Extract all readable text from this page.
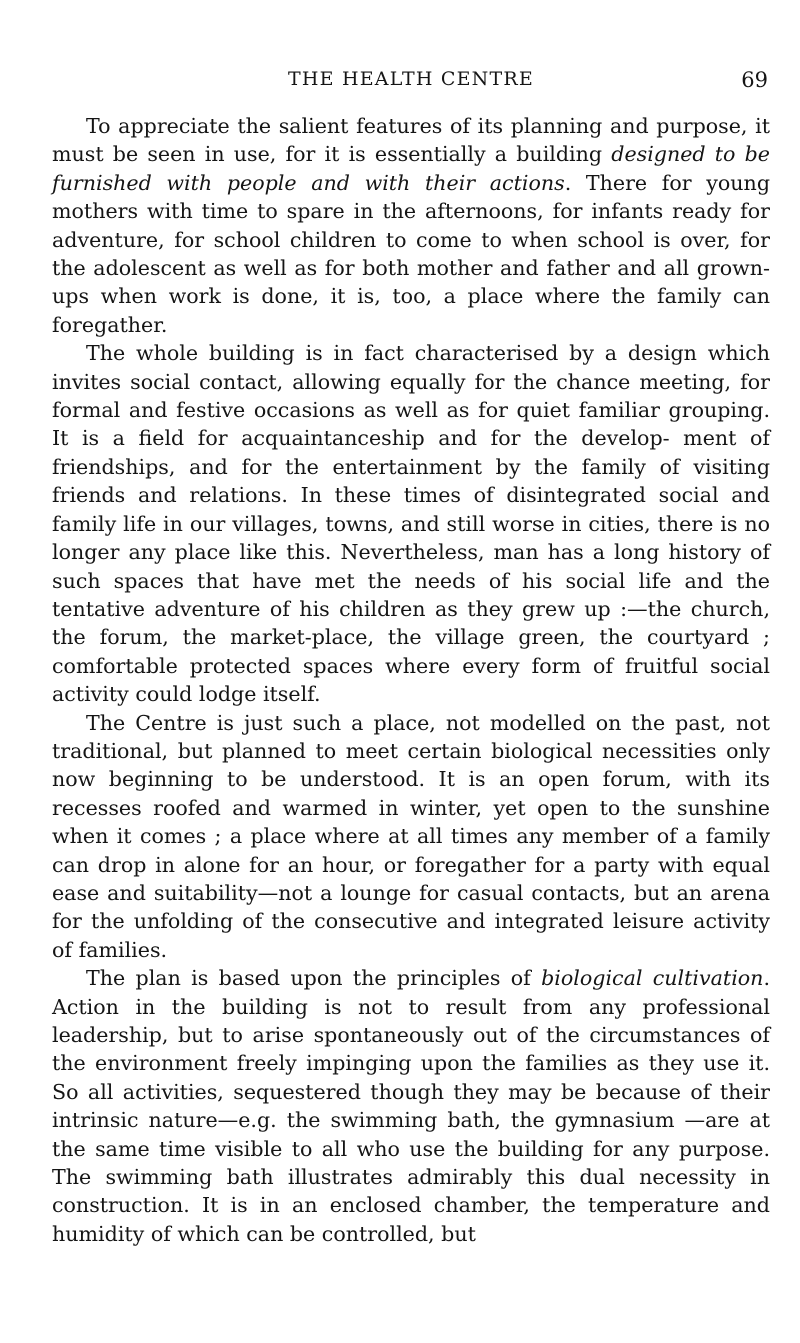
THE HEALTH CENTRE	69

To appreciate the salient features of its planning and purpose, it must be seen in use, for it is essentially a building designed to be furnished with people and with their actions. There for young mothers with time to spare in the afternoons, for infants ready for adventure, for school children to come to when school is over, for the adolescent as well as for both mother and father and all grown-ups when work is done, it is, too, a place where the family can foregather.

The whole building is in fact characterised by a design which invites social contact, allowing equally for the chance meeting, for formal and festive occasions as well as for quiet familiar grouping. It is a field for acquaintanceship and for the develop- ment of friendships, and for the entertainment by the family of visiting friends and relations. In these times of disintegrated social and family life in our villages, towns, and still worse in cities, there is no longer any place like this. Nevertheless, man has a long history of such spaces that have met the needs of his social life and the tentative adventure of his children as they grew up :—the church, the forum, the market-place, the village green, the courtyard ; comfortable protected spaces where every form of fruitful social activity could lodge itself.

The Centre is just such a place, not modelled on the past, not traditional, but planned to meet certain biological necessities only now beginning to be understood. It is an open forum, with its recesses roofed and warmed in winter, yet open to the sunshine when it comes ; a place where at all times any member of a family can drop in alone for an hour, or foregather for a party with equal ease and suitability—not a lounge for casual contacts, but an arena for the unfolding of the consecutive and integrated leisure activity of families.

The plan is based upon the principles of biological cultivation. Action in the building is not to result from any professional leadership, but to arise spontaneously out of the circumstances of the environment freely impinging upon the families as they use it. So all activities, sequestered though they may be because of their intrinsic nature—e.g. the swimming bath, the gymnasium —are at the same time visible to all who use the building for any purpose. The swimming bath illustrates admirably this dual necessity in construction. It is in an enclosed chamber, the temperature and humidity of which can be controlled, but
